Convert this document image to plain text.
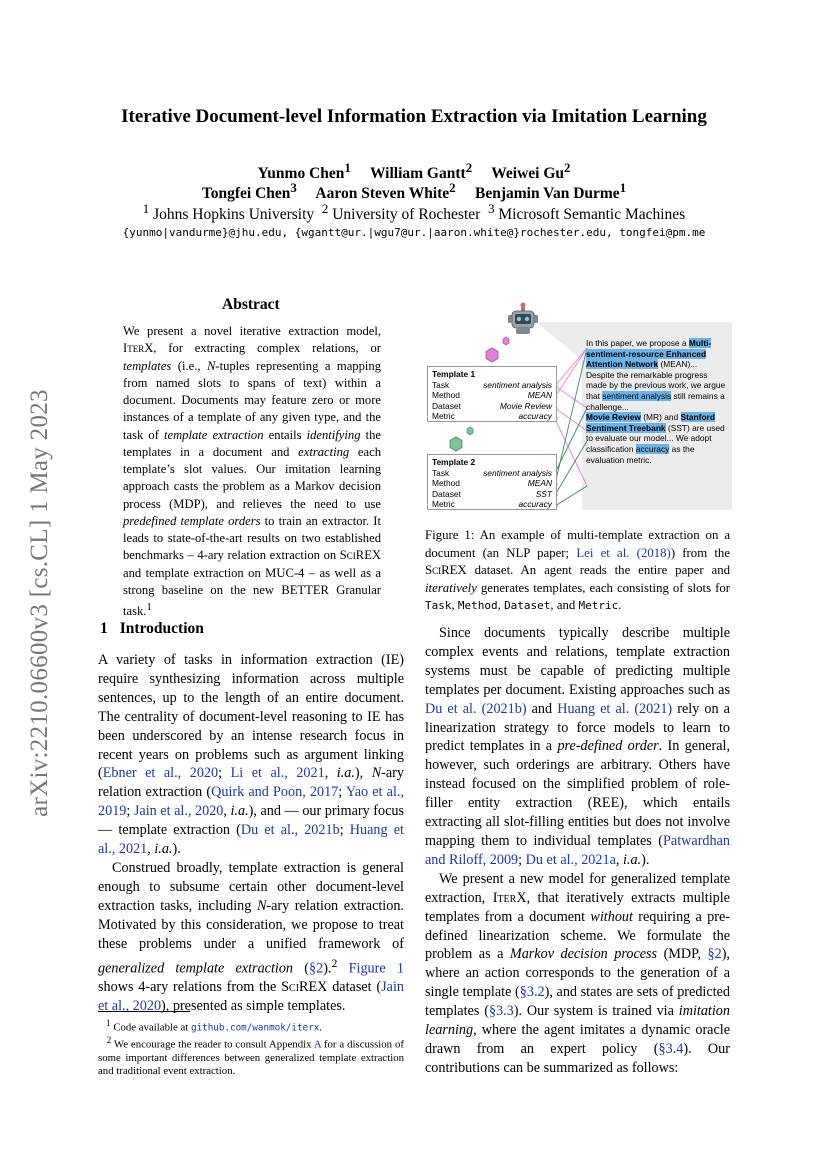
Iterative Document-level Information Extraction via Imitation Learning
Yunmo Chen$^1$ William Gantt$^2$ Weiwei Gu$^2$
Tongfei Chen$^3$ Aaron Steven White$^2$ Benjamin Van Durme$^1$
$^1$ Johns Hopkins University $^2$ University of Rochester $^3$ Microsoft Semantic Machines
{yunmo|vandurme}@jhu.edu, {wgantt@ur.|wgu7@ur.|aaron.white@}rochester.edu, tongfei@pm.me
arXiv:2210.06600v3 [cs.CL] 1 May 2023
Abstract
We present a novel iterative extraction model, IterX, for extracting complex relations, or templates (i.e., N-tuples representing a mapping from named slots to spans of text) within a document. Documents may feature zero or more instances of a template of any given type, and the task of template extraction entails identifying the templates in a document and extracting each template’s slot values. Our imitation learning approach casts the problem as a Markov decision process (MDP), and relieves the need to use predefined template orders to train an extractor. It leads to state-of-the-art results on two established benchmarks – 4-ary relation extraction on SciREX and template extraction on MUC-4 – as well as a strong baseline on the new BETTER Granular task.$^1$
1 Introduction

A variety of tasks in information extraction (IE) require synthesizing information across multiple sentences, up to the length of an entire document. The centrality of document-level reasoning to IE has been underscored by an intense research focus in recent years on problems such as argument linking (Ebner et al., 2020; Li et al., 2021, i.a.), N-ary relation extraction (Quirk and Poon, 2017; Yao et al., 2019; Jain et al., 2020, i.a.), and — our primary focus — template extraction (Du et al., 2021b; Huang et al., 2021, i.a.).

Construed broadly, template extraction is general enough to subsume certain other document-level extraction tasks, including N-ary relation extraction. Motivated by this consideration, we propose to treat these problems under a unified framework of generalized template extraction (§2).$^2$ Figure 1 shows 4-ary relations from the SciREX dataset (Jain et al., 2020), presented as simple templates.

$^1$ Code available at github.com/wanmok/iterx.
$^2$ We encourage the reader to consult Appendix A for a discussion of some important differences between generalized template extraction and traditional event extraction.
Template 1
Task	sentiment analysis
Method	MEAN
Dataset	Movie Review
Metric	accuracy
Template 2
Task	sentiment analysis
Method	MEAN
Dataset	SST
Metric	accuracy
In this paper, we propose a Multi-sentiment-resource Enhanced Attention Network (MEAN)... Despite the remarkable progress made by the previous work, we argue that sentiment analysis still remains a challenge...
Movie Review (MR) and Stanford Sentiment Treebank (SST) are used to evaluate our model... We adopt classification accuracy as the evaluation metric.
Figure 1: An example of multi-template extraction on a document (an NLP paper; Lei et al. (2018)) from the SciREX dataset. An agent reads the entire paper and iteratively generates templates, each consisting of slots for Task, Method, Dataset, and Metric.

Since documents typically describe multiple complex events and relations, template extraction systems must be capable of predicting multiple templates per document. Existing approaches such as Du et al. (2021b) and Huang et al. (2021) rely on a linearization strategy to force models to learn to predict templates in a pre-defined order. In general, however, such orderings are arbitrary. Others have instead focused on the simplified problem of role-filler entity extraction (REE), which entails extracting all slot-filling entities but does not involve mapping them to individual templates (Patwardhan and Riloff, 2009; Du et al., 2021a, i.a.).

We present a new model for generalized template extraction, IterX, that iteratively extracts multiple templates from a document without requiring a pre-defined linearization scheme. We formulate the problem as a Markov decision process (MDP, §2), where an action corresponds to the generation of a single template (§3.2), and states are sets of predicted templates (§3.3). Our system is trained via imitation learning, where the agent imitates a dynamic oracle drawn from an expert policy (§3.4). Our contributions can be summarized as follows:
